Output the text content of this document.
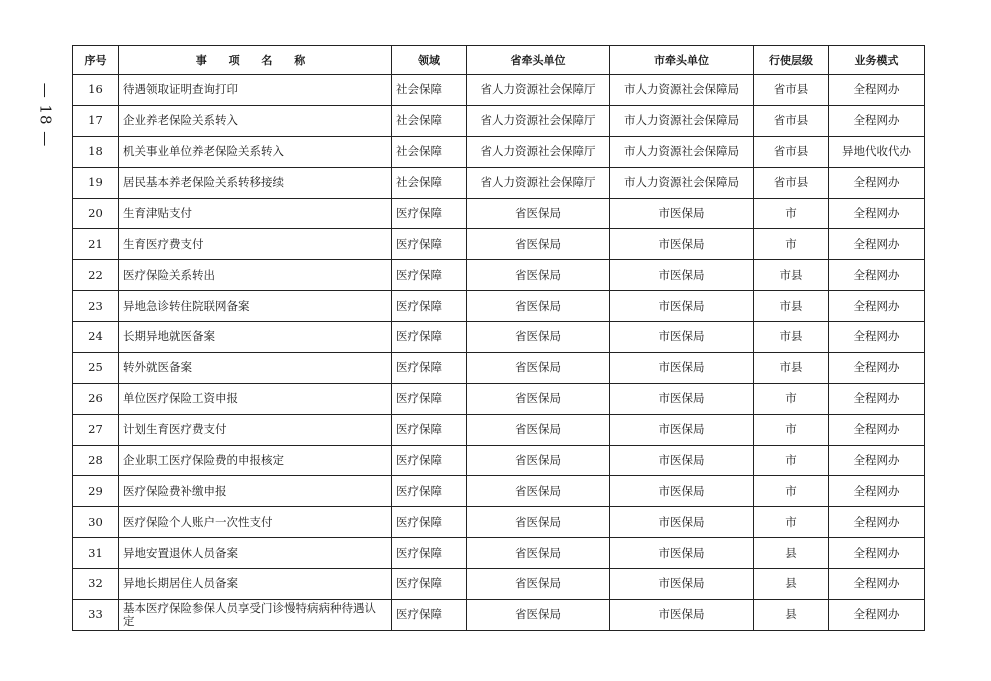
— 18 —
序号	事 项 名 称	领域	省牵头单位	市牵头单位	行使层级	业务模式
16	待遇领取证明查询打印	社会保障	省人力资源社会保障厅	市人力资源社会保障局	省市县	全程网办
17	企业养老保险关系转入	社会保障	省人力资源社会保障厅	市人力资源社会保障局	省市县	全程网办
18	机关事业单位养老保险关系转入	社会保障	省人力资源社会保障厅	市人力资源社会保障局	省市县	异地代收代办
19	居民基本养老保险关系转移接续	社会保障	省人力资源社会保障厅	市人力资源社会保障局	省市县	全程网办
20	生育津贴支付	医疗保障	省医保局	市医保局	市	全程网办
21	生育医疗费支付	医疗保障	省医保局	市医保局	市	全程网办
22	医疗保险关系转出	医疗保障	省医保局	市医保局	市县	全程网办
23	异地急诊转住院联网备案	医疗保障	省医保局	市医保局	市县	全程网办
24	长期异地就医备案	医疗保障	省医保局	市医保局	市县	全程网办
25	转外就医备案	医疗保障	省医保局	市医保局	市县	全程网办
26	单位医疗保险工资申报	医疗保障	省医保局	市医保局	市	全程网办
27	计划生育医疗费支付	医疗保障	省医保局	市医保局	市	全程网办
28	企业职工医疗保险费的申报核定	医疗保障	省医保局	市医保局	市	全程网办
29	医疗保险费补缴申报	医疗保障	省医保局	市医保局	市	全程网办
30	医疗保险个人账户一次性支付	医疗保障	省医保局	市医保局	市	全程网办
31	异地安置退休人员备案	医疗保障	省医保局	市医保局	县	全程网办
32	异地长期居住人员备案	医疗保障	省医保局	市医保局	县	全程网办
33	基本医疗保险参保人员享受门诊慢特病病种待遇认定	医疗保障	省医保局	市医保局	县	全程网办
